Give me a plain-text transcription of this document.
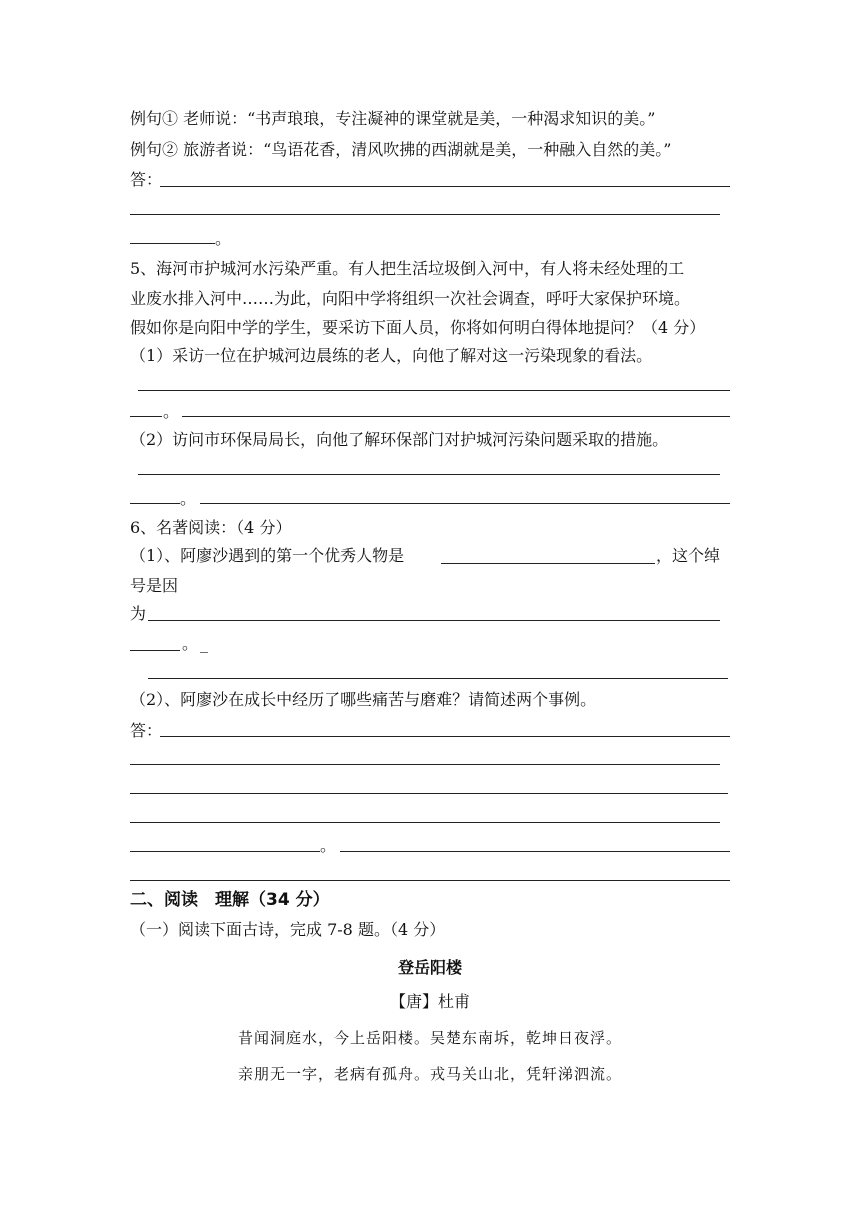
例句① 老师说：“书声琅琅，专注凝神的课堂就是美，一种渴求知识的美。”
例句② 旅游者说：“鸟语花香，清风吹拂的西湖就是美，一种融入自然的美。”
答：
。
5、海河市护城河水污染严重。有人把生活垃圾倒入河中，有人将未经处理的工
业废水排入河中……为此，向阳中学将组织一次社会调查，呼吁大家保护环境。
假如你是向阳中学的学生，要采访下面人员，你将如何明白得体地提问？（4 分）
（1）采访一位在护城河边晨练的老人，向他了解对这一污染现象的看法。
。
（2）访问市环保局局长，向他了解环保部门对护城河污染问题采取的措施。
。
6、名著阅读：（4 分）
（1）、阿廖沙遇到的第一个优秀人物是	，这个绰
号是因
为
。 _
（2）、阿廖沙在成长中经历了哪些痛苦与磨难？请简述两个事例。
答：
。
二、阅读　理解（34 分）
（一）阅读下面古诗，完成 7-8 题。（4 分）
登岳阳楼
【唐】杜甫
昔闻洞庭水，今上岳阳楼。吴楚东南坼，乾坤日夜浮。
亲朋无一字，老病有孤舟。戎马关山北，凭轩涕泗流。
